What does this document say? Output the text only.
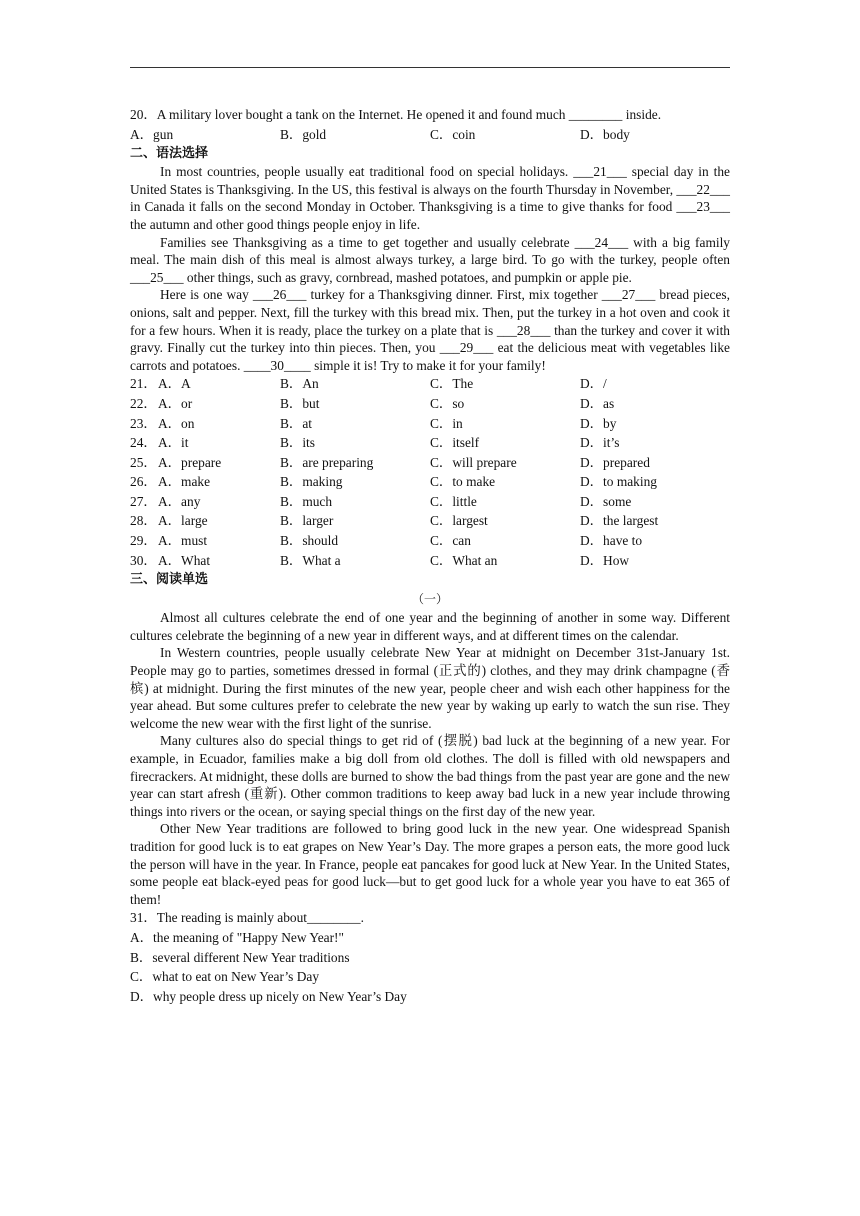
20．A military lover bought a tank on the Internet. He opened it and found much ________ inside.
A．gun	B．gold	C．coin	D．body
二、语法选择

In most countries, people usually eat traditional food on special holidays. ___21___ special day in the United States is Thanksgiving. In the US, this festival is always on the fourth Thursday in November, ___22___ in Canada it falls on the second Monday in October. Thanksgiving is a time to give thanks for food ___23___ the autumn and other good things people enjoy in life.

Families see Thanksgiving as a time to get together and usually celebrate ___24___ with a big family meal. The main dish of this meal is almost always turkey, a large bird. To go with the turkey, people often ___25___ other things, such as gravy, cornbread, mashed potatoes, and pumpkin or apple pie.

Here is one way ___26___ turkey for a Thanksgiving dinner. First, mix together ___27___ bread pieces, onions, salt and pepper. Next, fill the turkey with this bread mix. Then, put the turkey in a hot oven and cook it for a few hours. When it is ready, place the turkey on a plate that is ___28___ than the turkey and cover it with gravy. Finally cut the turkey into thin pieces. Then, you ___29___ eat the delicious meat with vegetables like carrots and potatoes. ____30____ simple it is! Try to make it for your family!

21． A．A	B．An	C．The	D．/
22． A．or	B．but	C．so	D．as
23． A．on	B．at	C．in	D．by
24． A．it	B．its	C．itself	D．it’s
25． A．prepare	B．are preparing	C．will prepare	D．prepared
26． A．make	B．making	C．to make	D．to making
27． A．any	B．much	C．little	D．some
28． A．large	B．larger	C．largest	D．the largest
29． A．must	B．should	C．can	D．have to
30． A．What	B．What a	C．What an	D．How
三、阅读单选
（一）

Almost all cultures celebrate the end of one year and the beginning of another in some way. Different cultures celebrate the beginning of a new year in different ways, and at different times on the calendar.

In Western countries, people usually celebrate New Year at midnight on December 31st-January 1st. People may go to parties, sometimes dressed in formal (正式的) clothes, and they may drink champagne (香槟) at midnight. During the first minutes of the new year, people cheer and wish each other happiness for the year ahead. But some cultures prefer to celebrate the new year by waking up early to watch the sun rise. They welcome the new wear with the first light of the sunrise.

Many cultures also do special things to get rid of (摆脱) bad luck at the beginning of a new year. For example, in Ecuador, families make a big doll from old clothes. The doll is filled with old newspapers and firecrackers. At midnight, these dolls are burned to show the bad things from the past year are gone and the new year can start afresh (重新). Other common traditions to keep away bad luck in a new year include throwing things into rivers or the ocean, or saying special things on the first day of the new year.

Other New Year traditions are followed to bring good luck in the new year. One widespread Spanish tradition for good luck is to eat grapes on New Year’s Day. The more grapes a person eats, the more good luck the person will have in the year. In France, people eat pancakes for good luck at New Year. In the United States, some people eat black-eyed peas for good luck—but to get good luck for a whole year you have to eat 365 of them!

31．The reading is mainly about________.
A．the meaning of "Happy New Year!"
B．several different New Year traditions
C．what to eat on New Year’s Day
D．why people dress up nicely on New Year’s Day
